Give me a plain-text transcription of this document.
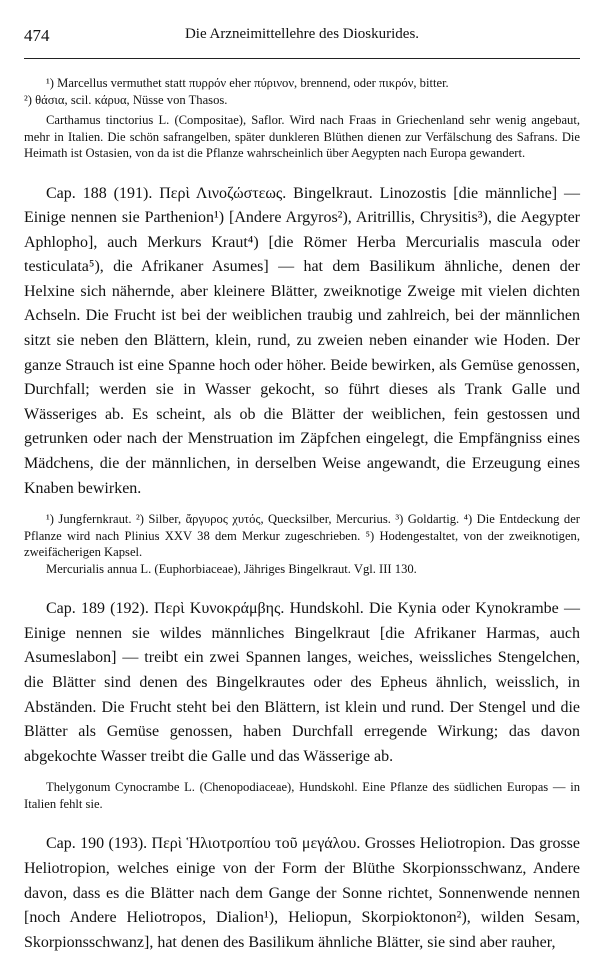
474	Die Arzneimittellehre des Dioskurides.

¹) Marcellus vermuthet statt πυρρόν eher πύρινον, brennend, oder πικρόν, bitter.

²) θάσια, scil. κάρυα, Nüsse von Thasos.

Carthamus tinctorius L. (Compositae), Saflor. Wird nach Fraas in Griechenland sehr wenig angebaut, mehr in Italien. Die schön safrangelben, später dunkleren Blüthen dienen zur Verfälschung des Safrans. Die Heimath ist Ostasien, von da ist die Pflanze wahrscheinlich über Aegypten nach Europa gewandert.

Cap. 188 (191). Περὶ Λινοζώστεως. Bingelkraut. Linozostis [die männliche] — Einige nennen sie Parthenion¹) [Andere Argyros²), Aritrillis, Chrysitis³), die Aegypter Aphlopho], auch Merkurs Kraut⁴) [die Römer Herba Mercurialis mascula oder testiculata⁵), die Afrikaner Asumes] — hat dem Basilikum ähnliche, denen der Helxine sich nähernde, aber kleinere Blätter, zweiknotige Zweige mit vielen dichten Achseln. Die Frucht ist bei der weiblichen traubig und zahlreich, bei der männlichen sitzt sie neben den Blättern, klein, rund, zu zweien neben einander wie Hoden. Der ganze Strauch ist eine Spanne hoch oder höher. Beide bewirken, als Gemüse genossen, Durchfall; werden sie in Wasser gekocht, so führt dieses als Trank Galle und Wässeriges ab. Es scheint, als ob die Blätter der weiblichen, fein gestossen und getrunken oder nach der Menstruation im Zäpfchen eingelegt, die Empfängniss eines Mädchens, die der männlichen, in derselben Weise angewandt, die Erzeugung eines Knaben bewirken.

¹) Jungfernkraut. ²) Silber, ἄργυρος χυτός, Quecksilber, Mercurius. ³) Goldartig. ⁴) Die Entdeckung der Pflanze wird nach Plinius XXV 38 dem Merkur zugeschrieben. ⁵) Hodengestaltet, von der zweiknotigen, zweifächerigen Kapsel.

Mercurialis annua L. (Euphorbiaceae), Jähriges Bingelkraut. Vgl. III 130.

Cap. 189 (192). Περὶ Κυνοκράμβης. Hundskohl. Die Kynia oder Kynokrambe — Einige nennen sie wildes männliches Bingelkraut [die Afrikaner Harmas, auch Asumeslabon] — treibt ein zwei Spannen langes, weiches, weissliches Stengelchen, die Blätter sind denen des Bingelkrautes oder des Epheus ähnlich, weisslich, in Abständen. Die Frucht steht bei den Blättern, ist klein und rund. Der Stengel und die Blätter als Gemüse genossen, haben Durchfall erregende Wirkung; das davon abgekochte Wasser treibt die Galle und das Wässerige ab.

Thelygonum Cynocrambe L. (Chenopodiaceae), Hundskohl. Eine Pflanze des südlichen Europas — in Italien fehlt sie.

Cap. 190 (193). Περὶ Ἡλιοτροπίου τοῦ μεγάλου. Grosses Heliotropion. Das grosse Heliotropion, welches einige von der Form der Blüthe Skorpionsschwanz, Andere davon, dass es die Blätter nach dem Gange der Sonne richtet, Sonnenwende nennen [noch Andere Heliotropos, Dialion¹), Heliopun, Skorpioktonon²), wilden Sesam, Skorpionsschwanz], hat denen des Basilikum ähnliche Blätter, sie sind aber rauher,
